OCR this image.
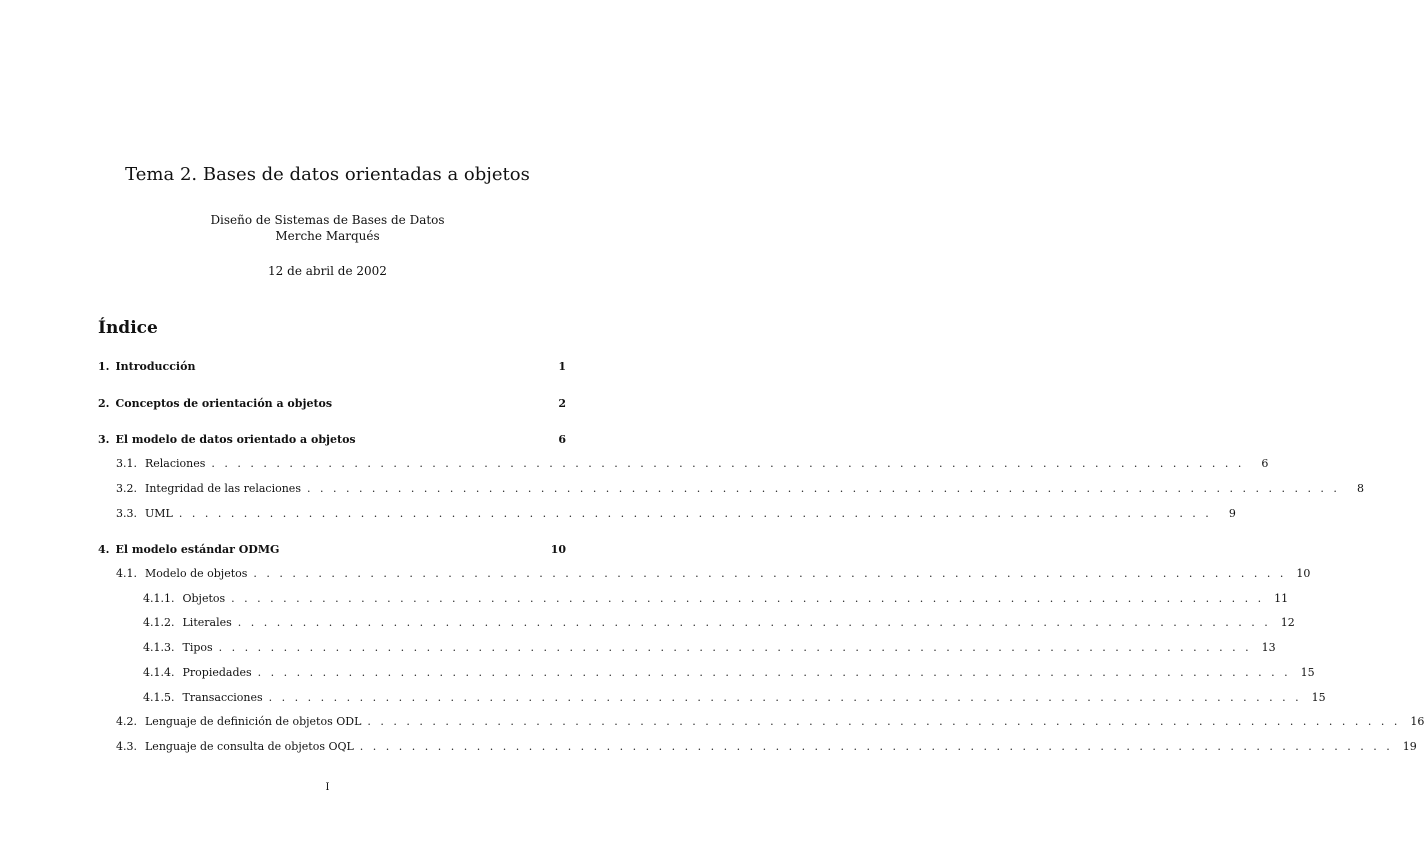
Tema 2. Bases de datos orientadas a objetos
Diseño de Sistemas de Bases de Datos
Merche Marqués
12 de abril de 2002
Índice
1. Introducción	1
2. Conceptos de orientación a objetos	2
3. El modelo de datos orientado a objetos	6
3.1. Relaciones . . . . . . . . . . . . . . . . . . . . . . . . . . . . . . . . . . . . . . . . . . . . . . . . . . . . . . . . . . . . . . . . . . . . . . . . . . . . . . . .	6
3.2. Integridad de las relaciones . . . . . . . . . . . . . . . . . . . . . . . . . . . . . . . . . . . . . . . . . . . . . . . . . . . . . . . . . . . . . . . . . . . . . . . . . . . . . . . .	8
3.3. UML . . . . . . . . . . . . . . . . . . . . . . . . . . . . . . . . . . . . . . . . . . . . . . . . . . . . . . . . . . . . . . . . . . . . . . . . . . . . . . . .	9
4. El modelo estándar ODMG	10
4.1. Modelo de objetos . . . . . . . . . . . . . . . . . . . . . . . . . . . . . . . . . . . . . . . . . . . . . . . . . . . . . . . . . . . . . . . . . . . . . . . . . . . . . . . . 10
4.1.1. Objetos . . . . . . . . . . . . . . . . . . . . . . . . . . . . . . . . . . . . . . . . . . . . . . . . . . . . . . . . . . . . . . . . . . . . . . . . . . . . . . . . 11
4.1.2. Literales . . . . . . . . . . . . . . . . . . . . . . . . . . . . . . . . . . . . . . . . . . . . . . . . . . . . . . . . . . . . . . . . . . . . . . . . . . . . . . . . 12
4.1.3. Tipos . . . . . . . . . . . . . . . . . . . . . . . . . . . . . . . . . . . . . . . . . . . . . . . . . . . . . . . . . . . . . . . . . . . . . . . . . . . . . . . . 13
4.1.4. Propiedades . . . . . . . . . . . . . . . . . . . . . . . . . . . . . . . . . . . . . . . . . . . . . . . . . . . . . . . . . . . . . . . . . . . . . . . . . . . . . . . . 15
4.1.5. Transacciones . . . . . . . . . . . . . . . . . . . . . . . . . . . . . . . . . . . . . . . . . . . . . . . . . . . . . . . . . . . . . . . . . . . . . . . . . . . . . . . . 15
4.2. Lenguaje de definición de objetos ODL . . . . . . . . . . . . . . . . . . . . . . . . . . . . . . . . . . . . . . . . . . . . . . . . . . . . . . . . . . . . . . . . . . . . . . . . . . . . . . . . 16
4.3. Lenguaje de consulta de objetos OQL . . . . . . . . . . . . . . . . . . . . . . . . . . . . . . . . . . . . . . . . . . . . . . . . . . . . . . . . . . . . . . . . . . . . . . . . . . . . . . . . 19
I
